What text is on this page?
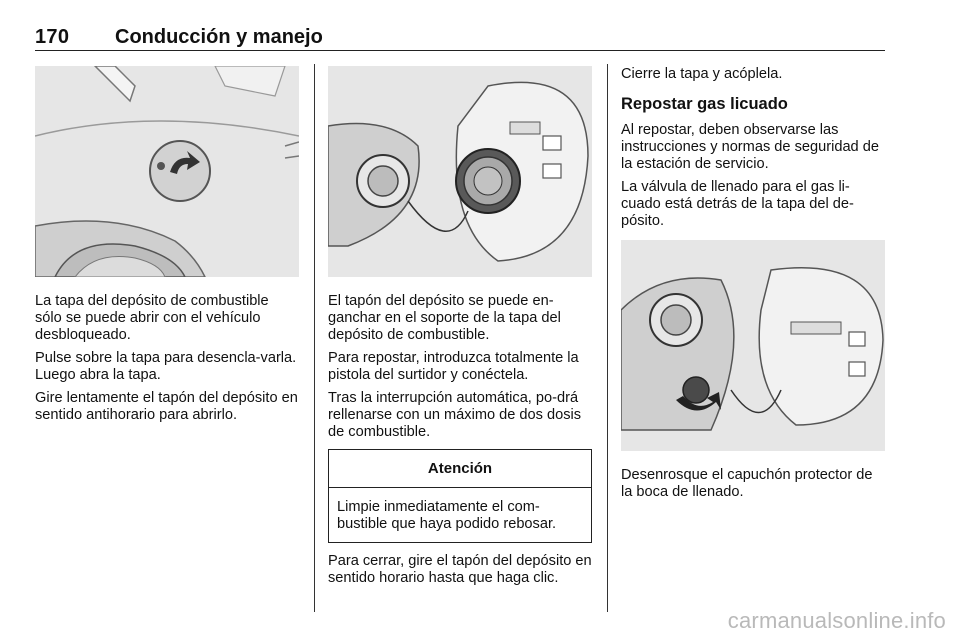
170 Conducción y manejo

La tapa del depósito de combustible sólo se puede abrir con el vehículo desbloqueado.

Pulse sobre la tapa para desencla-varla. Luego abra la tapa.

Gire lentamente el tapón del depósito en sentido antihorario para abrirlo.

El tapón del depósito se puede en-ganchar en el soporte de la tapa del depósito de combustible.

Para repostar, introduzca totalmente la pistola del surtidor y conéctela.

Tras la interrupción automática, po-drá rellenarse con un máximo de dos dosis de combustible.

Atención
Limpie inmediatamente el com-bustible que haya podido rebosar.

Para cerrar, gire el tapón del depósito en sentido horario hasta que haga clic.

Cierre la tapa y acóplela.

Repostar gas licuado

Al repostar, deben observarse las instrucciones y normas de seguridad de la estación de servicio.

La válvula de llenado para el gas li-cuado está detrás de la tapa del de-pósito.

Desenrosque el capuchón protector de la boca de llenado.

carmanualsonline.info
